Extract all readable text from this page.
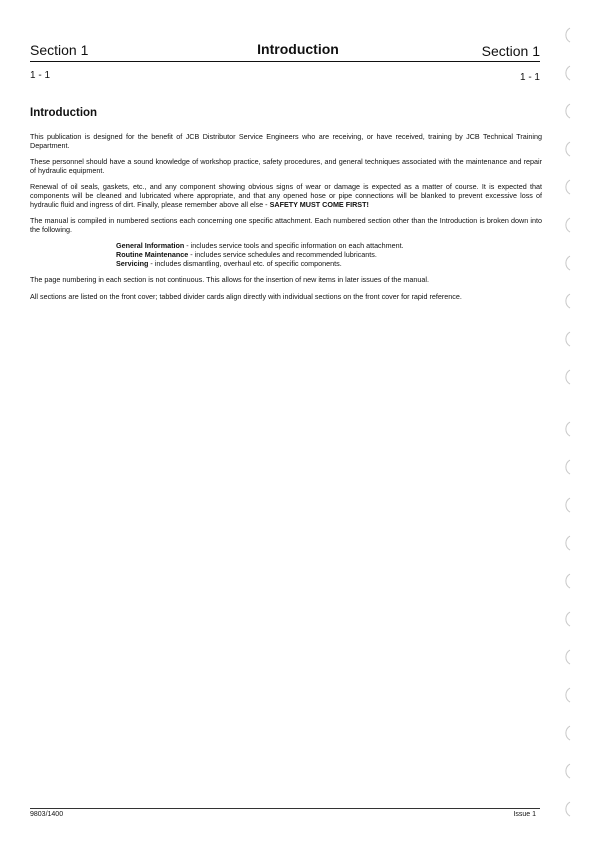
Section 1	Introduction	Section 1
1 - 1	1 - 1
Introduction

This publication is designed for the benefit of JCB Distributor Service Engineers who are receiving, or have received, training by JCB Technical Training Department.

These personnel should have a sound knowledge of workshop practice, safety procedures, and general techniques associated with the maintenance and repair of hydraulic equipment.

Renewal of oil seals, gaskets, etc., and any component showing obvious signs of wear or damage is expected as a matter of course. It is expected that components will be cleaned and lubricated where appropriate, and that any opened hose or pipe connections will be blanked to prevent excessive loss of hydraulic fluid and ingress of dirt. Finally, please remember above all else - SAFETY MUST COME FIRST!

The manual is compiled in numbered sections each concerning one specific attachment. Each numbered section other than the Introduction is broken down into the following.

General Information - includes service tools and specific information on each attachment.
Routine Maintenance - includes service schedules and recommended lubricants.
Servicing - includes dismantling, overhaul etc. of specific components.

The page numbering in each section is not continuous. This allows for the insertion of new items in later issues of the manual.

All sections are listed on the front cover; tabbed divider cards align directly with individual sections on the front cover for rapid reference.

9803/1400	Issue 1
